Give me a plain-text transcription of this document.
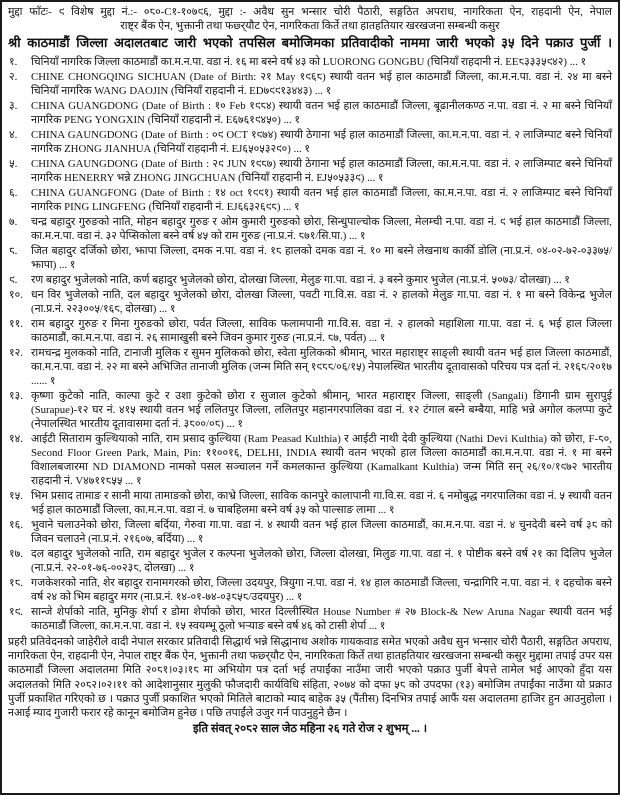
मुद्दा फाँटः- ९ विशेष मुद्दा नं.:- ०८०-C१-१०७९६, मुद्दा :- अवैध सुन भन्सार चोरी पैठारी, सङ्गठित अपराध, नागरिकता ऐन, राहदानी ऐन, नेपाल
राष्ट्र बैंक ऐन, भुक्तानी तथा फछ्र्यौट ऐन, नागरिकता किर्ते तथा हातहतियार खरखजना सम्बन्धी कसुर
श्री काठमाडौं जिल्ला अदालतबाट जारी भएको तपसिल बमोजिमका प्रतिवादीको नाममा जारी भएको ३५ दिने पक्राउ पुर्जी ।
१. चिनियाँ नागरिक जिल्ला काठमाडौं का.म.न.पा. वडा नं. १६ मा बस्ने वर्ष ४३ को LUORONG GONGBU (चिनियाँ राहदानी नं. EE८३३३५९४२) ... १
२. CHINE CHONGQING SICHUAN (Date of Birth: २१ May १९६८) स्थायी वतन भई हाल काठमाडौं जिल्ला, का.म.न.पा. वडा नं. २४ मा बस्ने चिनियाँ नागरिक WANG DAOJIN (चिनियाँ राहदानी नं. ED७९९१३४४३) ... १
३. CHINA GUANGDONG (Date of Birth : १० Feb १९८४) स्थायी वतन भई हाल काठमाडौं जिल्ला, बूढानीलकण्ठ न.पा. वडा नं. २ मा बस्ने चिनियाँ नागरिक PENG YONGXIN (चिनियाँ राहदानी नं. E६७६१९४५०) ... १
४. CHINA GAUNGDONG (Date of Birth : ०९ OCT १९७४) स्थायी ठेगाना भई हाल काठमाडौं जिल्ला, का.म.न.पा. वडा नं. २ लाजिम्पाट बस्ने चिनियाँ नागरिक ZHONG JIANHUA (चिनियाँ राहदानी नं. EJ६५०५३२९०) ... १
५. CHINA GAUNGDONG (Date of Birth : २९ JUN १९८७) स्थायी ठेगाना भई हाल काठमाडौं जिल्ला, का.म.न.पा. वडा नं. २ लाजिम्पाट बस्ने चिनियाँ नागरिक HENERRY भन्ने ZHONG JINGCHUAN (चिनियाँ राहदानी नं. EJ५०५३३९) ... १
६. CHINA GUANGFONG (Date of Birth : १४ oct १९९१) स्थायी वतन भई हाल काठमाडौं जिल्ला, का.म.न.पा. वडा नं. २ लाजिम्पाट बस्ने चिनियाँ नागरिक PING LINGFENG (चिनियाँ राहदानी नं. EJ६६३२६९८) ... १
७. चन्द्र बहादुर गुरुङको नाति, मोहन बहादुर गुरुङ र ओम कुमारी गुरुङको छोरा, सिन्धुपाल्चोक जिल्ला, मेलम्ची न.पा. वडा नं. ९ भई हाल काठमाडौं जिल्ला, का.म.न.पा. वडा नं. ३२ पेप्सिकोला बस्ने वर्ष ४५ को राम गुरुङ (ना.प्र.नं. ८७१/सि.पा.) ... १
८. जित बहादुर दर्जिको छोरा, झापा जिल्ला, दमक न.पा. वडा नं. १८ हालको दमक वडा नं. १० मा बस्ने लेखनाथ कार्की डोलि (ना.प्र.नं. ०४-०२-७२-०३३७५/झापा) ... १
९. रण बहादुर भुजेलको नाति, कर्ण बहादुर भुजेलको छोरा, दोलखा जिल्ला, मेलुङ गा.पा. वडा नं. ३ बस्ने कुमार भुजेल (ना.प्र.नं. ५०७३/ दोलखा) ... १
१०. धन विर भुजेलको नाति, दल बहादुर भुजेलको छोरा, दोलखा जिल्ला, पवटी गा.वि.स. वडा नं. २ हालको मेलुङ गा.पा. वडा नं. १ मा बस्ने विकेन्द्र भुजेल (ना.प्र.नं. २२३००५/१६८, दोलखा) ... १
११. राम बहादुर गुरुङ र मिना गुरुङको छोरा, पर्वत जिल्ला, साविक फलामपानी गा.वि.स. वडा नं. २ हालको महाशिला गा.पा. वडा नं. ६ भई हाल जिल्ला काठमाडौं, का.म.न.पा. वडा नं. २६ सामाखुसी बस्ने जिवन कुमार गुरुङ (ना.प्र.नं. ८७, पर्वत) ... १
१२. रामचन्द्र मुलकको नाति, टानाजी मुलिक र सुमन मुलिकको छोरा, स्वेता मुलिकको श्रीमान्, भारत महाराष्ट्र साङ्ली स्थायी वतन भई हाल जिल्ला काठमाडौं, का.म.न.पा. वडा नं. २२ मा बस्ने अभिजित तानाजी मुलिक (जन्म मिति सन् १९८८/०६/१५) नेपालस्थित भारतीय दूतावासको परिचय पत्र दर्ता नं. २१६८/२०१७ ...... १
१३. कृष्णा कुटेको नाति, काल्पा कुटे र उशा कुटेको छोरा र सुजाल कुटेको श्रीमान्, भारत महाराष्ट्र जिल्ला, साङ्ली (Sangali) डिगानी ग्राम सुरापुई (Surapue)-१२ घर नं. ४१५ स्थायी वतन भई ललितपुर जिल्ला, ललितपुर महानगरपालिका वडा नं. १२ टंगाल बस्ने बम्बैया, माहि भन्ने अगोल कलप्पा कुटे (नेपालस्थित भारतीय दूतावासमा दर्ता नं. ३८००/०८) ... १
१४. आईटी सिताराम कुल्थियाको नाति, राम प्रसाद कुल्थिया (Ram Peasad Kulthia) र आईटी नाथी देवी कुल्थिया (Nathi Devi Kulthia) को छोरा, F-८०, Second Floor Green Park, Main, Pin: ११००१६, DELHI, INDIA स्थायी वतन भएको हाल जिल्ला काठमाडौं का.म.न.पा. वडा नं. १ मा बस्ने विशालबजारमा ND DIAMOND नामको पसल सञ्चालन गर्ने कमलकान्त कुल्थिया (Kamalkant Kulthia) जन्म मिति सन् २६/१०/१९७२ भारतीय राहदानी नं. V४७११८५५ ... १
१५. भिम प्रसाद तामाङ र सानी माया तामाङको छोरा, काभ्रे जिल्ला, साविक कानपुरे कालापानी गा.वि.स. वडा नं. ६ नमोबुद्ध नगरपालिका वडा नं. ५ स्थायी वतन भई हाल काठमाडौं जिल्ला, का.म.न.पा. वडा नं. ७ चाबहिलमा बस्ने वर्ष ३५ को पाल्साङ लामा ... १
१६. भुवाने चलाउनेको छोरा, जिल्ला बर्दिया, गेरुवा गा.पा. वडा नं. ४ स्थायी वतन भई हाल जिल्ला काठमाडौं, का.म.न.पा. वडा नं. ४ चुनदेवी बस्ने वर्ष ३८ को जिवन चलाउने (ना.प्र.नं. २१६०७, बर्दिया) ... १
१७. दल बहादुर भुजेलको नाति, राम बहादुर भुजेल र कल्पना भुजेलको छोरा, जिल्ला दोलखा, मिलुङ गा.पा. वडा नं. १ पोष्टीक बस्ने वर्ष २१ का दिलिप भुजेल (ना.प्र.नं. २२-०१-७६-००२३८, दोलखा) ... १
१८. गजकेशरको नाति, शेर बहादुर रानामगरको छोरा, जिल्ला उदयपुर, त्रियुगा न.पा. वडा नं. १४ हाल काठमाडौं जिल्ला, चन्द्रागिरि न.पा. वडा नं. १ दहचोक बस्ने वर्ष २४ को भिम बहादुर मगर (ना.प्र.नं. १४-०१-७४-०३८५८/उदयपुर) ... १
१९. सान्जे शेर्पाको नाति, मुनिकु शेर्पा र डोमा शेर्पाको छोरा, भारत दिल्लीस्थित House Number # २७ Block-& New Aruna Nagar स्थायी वतन भई काठमाडौं जिल्ला, का.म.न.पा. वडा नं. १५ स्वयम्भू ठूलो भऱ्याङ बस्ने वर्ष ४६ को टासी शेर्पा ... १

प्रहरी प्रतिवेदनको जाहेरीले वादी नेपाल सरकार प्रतिवादी सिद्धार्थ भन्ने सिद्धानाथ अशोक गायकवाड समेत भएको अवैध सुन भन्सार चोरी पैठारी, सङ्गठित अपराध, नागरिकता ऐन, राहदानी ऐन, नेपाल राष्ट्र बैंक ऐन, भुक्तानी तथा फछ्र्यौट ऐन, नागरिकता किर्ते तथा हातहतियार खरखजना सम्बन्धी कसुर मुद्दामा तपाई उपर यस काठमाडौं जिल्ला अदालतमा मिति २०८१।०३।१८ मा अभियोग पत्र दर्ता भई तपाईंका नाउँमा जारी भएको पक्राउ पुर्जी बेपत्ते तामेल भई आएको हुँदा यस अदालतको मिति २०८२।०२।११ को आदेशानुसार मुलुकी फौजदारी कार्यविधि संहिता, २०७४ को दफा ५८ को उपदफा (१३) बमोजिम तपाईंका नाउँमा यो प्रक्राउ पुर्जी प्रकाशित गरिएको छ । पक्राउ पुर्जी प्रकाशित भएको मितिले बाटाको म्याद बाहेक ३५ (पैंतीस) दिनभित्र तपाई आफैं यस अदालतमा हाजिर हुन आउनुहोला । नआई म्याद गुजारी फरार रहे कानून बमोजिम हुनेछ । पछि तपाईंले उजुर गर्न पाउनुहुने छैन ।

इति संवत् २०८२ साल जेठ महिना २६ गते रोज २ शुभम् ... ।
